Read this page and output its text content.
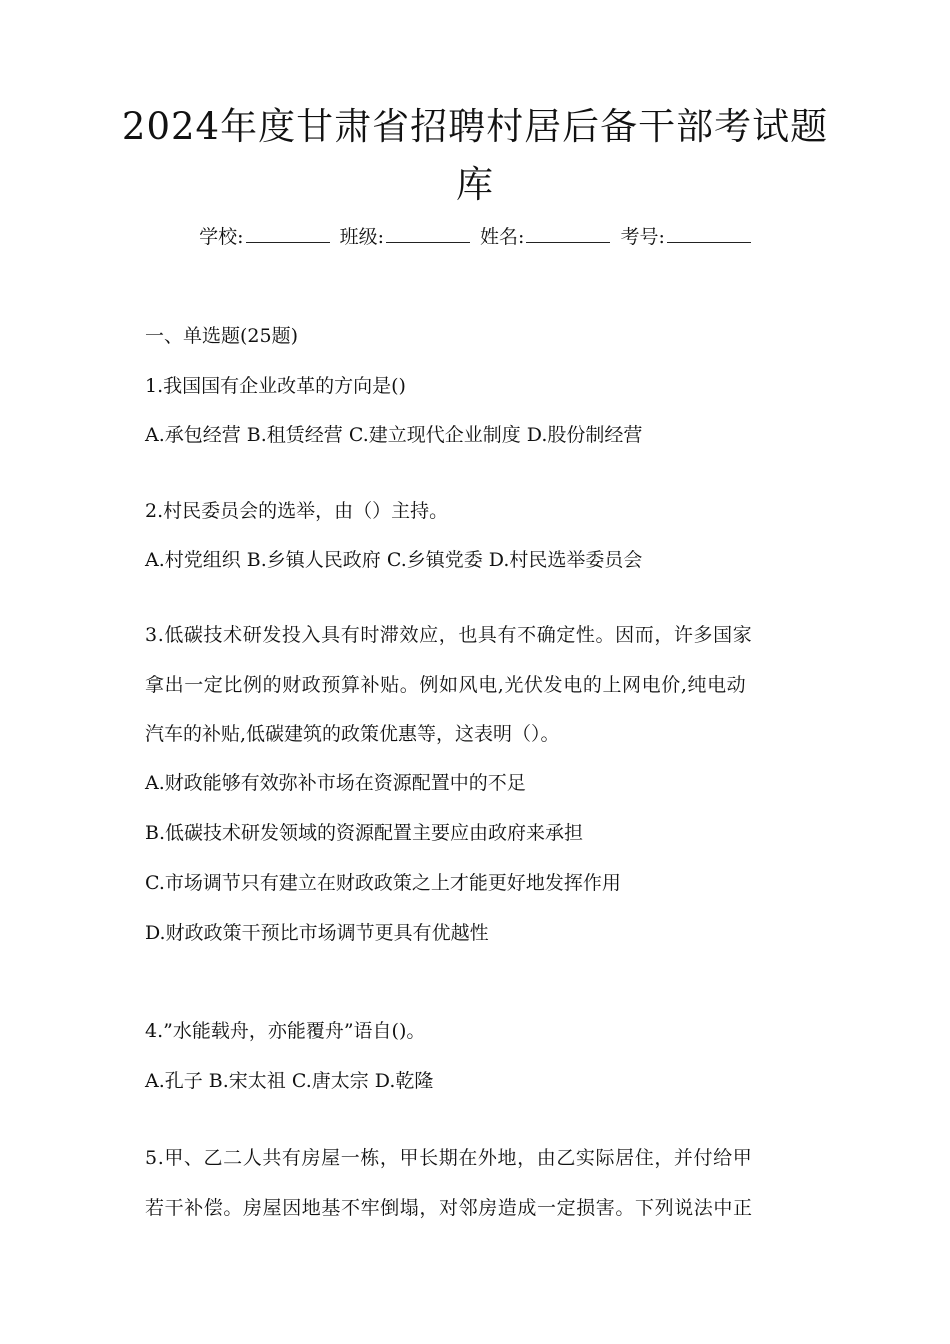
2024年度甘肃省招聘村居后备干部考试题
库
学校:	班级:	姓名:	考号:
一、单选题(25题)
1.我国国有企业改革的方向是()
A.承包经营 B.租赁经营 C.建立现代企业制度 D.股份制经营
2.村民委员会的选举，由（）主持。
A.村党组织 B.乡镇人民政府 C.乡镇党委 D.村民选举委员会
3.低碳技术研发投入具有时滞效应，也具有不确定性。因而，许多国家
拿出一定比例的财政预算补贴。例如风电,光伏发电的上网电价,纯电动
汽车的补贴,低碳建筑的政策优惠等，这表明（）。
A.财政能够有效弥补市场在资源配置中的不足
B.低碳技术研发领域的资源配置主要应由政府来承担
C.市场调节只有建立在财政政策之上才能更好地发挥作用
D.财政政策干预比市场调节更具有优越性
4.”水能载舟，亦能覆舟”语自()。
A.孔子 B.宋太祖 C.唐太宗 D.乾隆
5.甲、乙二人共有房屋一栋，甲长期在外地，由乙实际居住，并付给甲
若干补偿。房屋因地基不牢倒塌，对邻房造成一定损害。下列说法中正
